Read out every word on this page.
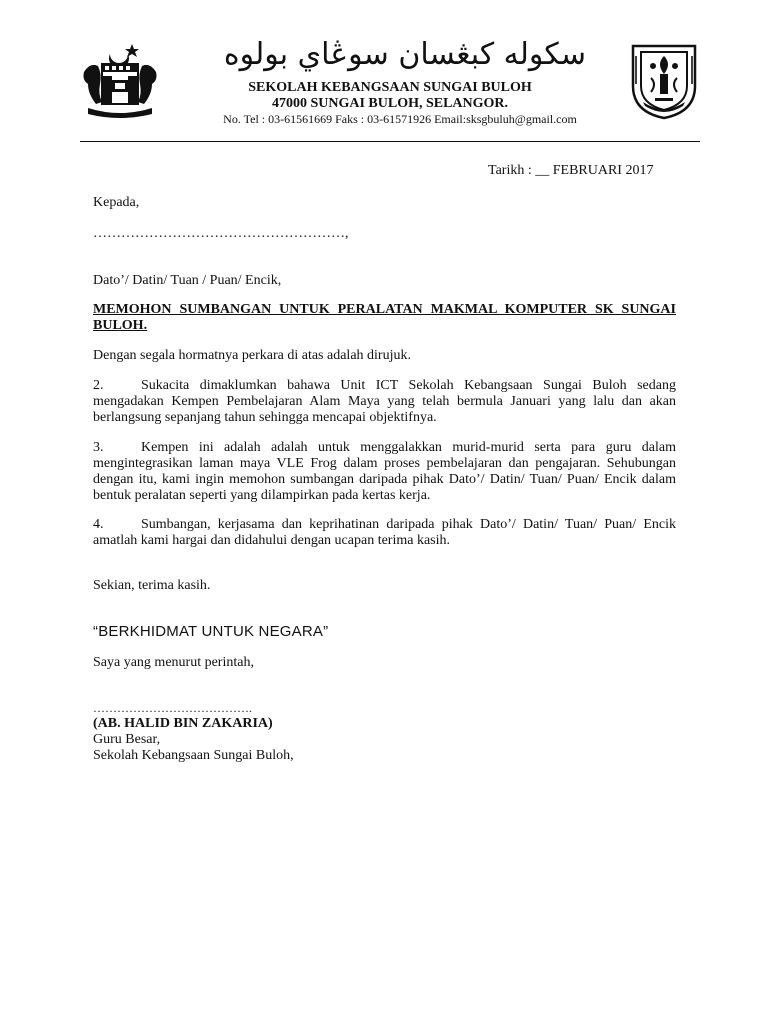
سكوله كبڠسان سوڠاي بولوه
SEKOLAH KEBANGSAAN SUNGAI BULOH
47000 SUNGAI BULOH, SELANGOR.
No. Tel : 03-61561669 Faks : 03-61571926 Email:sksgbuluh@gmail.com
Tarikh : __ FEBRUARI 2017
Kepada,
………………………………………………,
Dato’/ Datin/ Tuan / Puan/ Encik,
MEMOHON SUMBANGAN UNTUK PERALATAN MAKMAL KOMPUTER SK SUNGAI BULOH.
Dengan segala hormatnya perkara di atas adalah dirujuk.
2.	Sukacita dimaklumkan bahawa Unit ICT Sekolah Kebangsaan Sungai Buloh sedang mengadakan Kempen Pembelajaran Alam Maya yang telah bermula Januari yang lalu dan akan berlangsung sepanjang tahun sehingga mencapai objektifnya.
3.	Kempen ini adalah adalah untuk menggalakkan murid-murid serta para guru dalam mengintegrasikan laman maya VLE Frog dalam proses pembelajaran dan pengajaran. Sehubungan dengan itu, kami ingin memohon sumbangan daripada pihak Dato’/ Datin/ Tuan/ Puan/ Encik dalam bentuk peralatan seperti yang dilampirkan pada kertas kerja.
4.	Sumbangan, kerjasama dan keprihatinan daripada pihak Dato’/ Datin/ Tuan/ Puan/ Encik amatlah kami hargai dan didahului dengan ucapan terima kasih.
Sekian, terima kasih.
“BERKHIDMAT UNTUK NEGARA”
Saya yang menurut perintah,
………………………………….
(AB. HALID BIN ZAKARIA)
Guru Besar,
Sekolah Kebangsaan Sungai Buloh,
